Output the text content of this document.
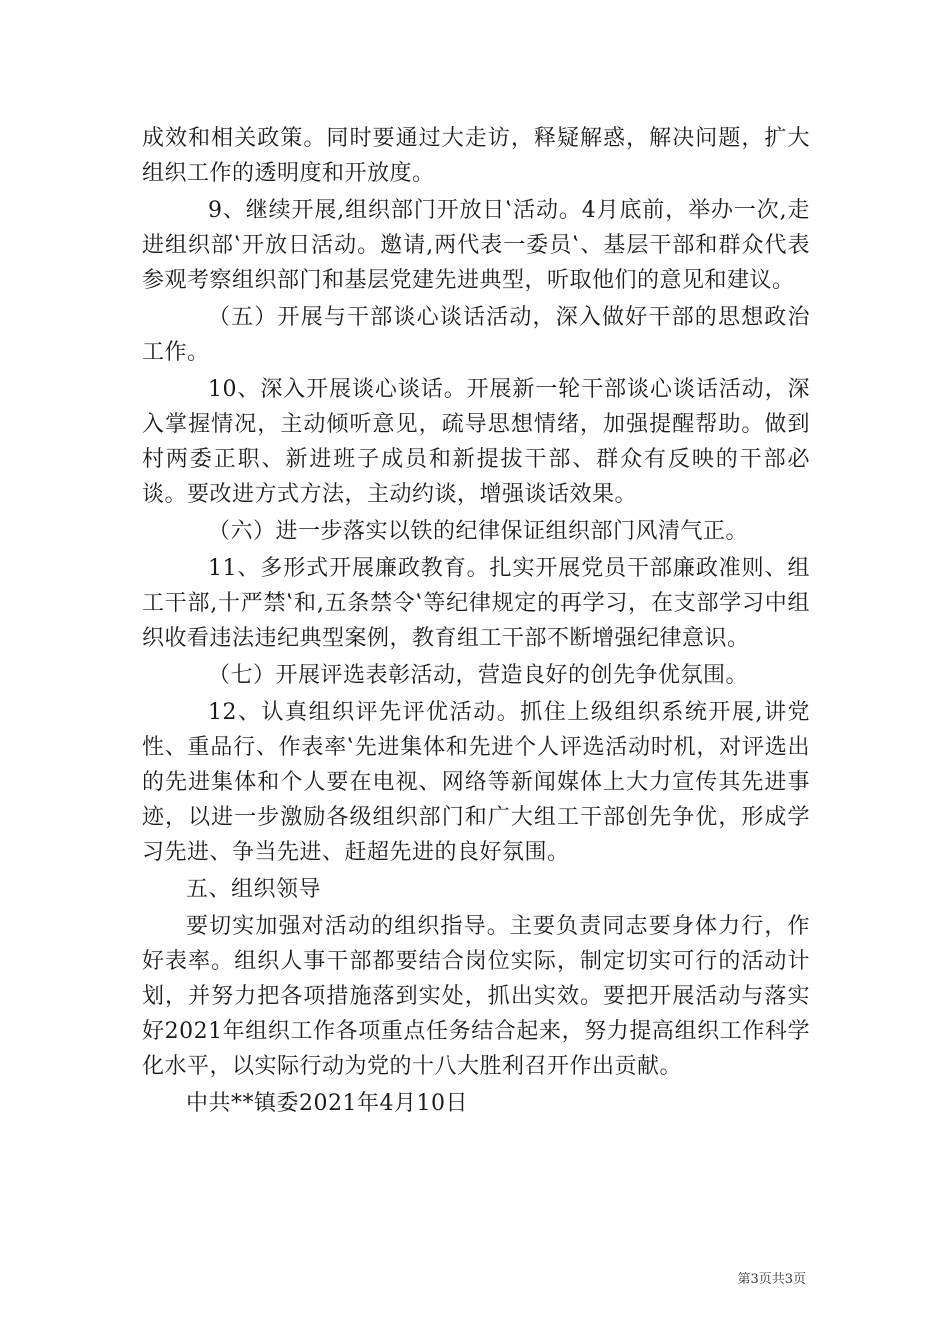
成效和相关政策。同时要通过大走访，释疑解惑，解决问题，扩大组织工作的透明度和开放度。

9、继续开展,组织部门开放日‛活动。4月底前，举办一次,走进组织部‛开放日活动。邀请,两代表一委员‛、基层干部和群众代表参观考察组织部门和基层党建先进典型，听取他们的意见和建议。

（五）开展与干部谈心谈话活动，深入做好干部的思想政治工作。

10、深入开展谈心谈话。开展新一轮干部谈心谈话活动，深入掌握情况，主动倾听意见，疏导思想情绪，加强提醒帮助。做到村两委正职、新进班子成员和新提拔干部、群众有反映的干部必谈。要改进方式方法，主动约谈，增强谈话效果。

（六）进一步落实以铁的纪律保证组织部门风清气正。

11、多形式开展廉政教育。扎实开展党员干部廉政准则、组工干部,十严禁‛和,五条禁令‛等纪律规定的再学习，在支部学习中组织收看违法违纪典型案例，教育组工干部不断增强纪律意识。

（七）开展评选表彰活动，营造良好的创先争优氛围。

12、认真组织评先评优活动。抓住上级组织系统开展,讲党性、重品行、作表率‛先进集体和先进个人评选活动时机，对评选出的先进集体和个人要在电视、网络等新闻媒体上大力宣传其先进事迹，以进一步激励各级组织部门和广大组工干部创先争优，形成学习先进、争当先进、赶超先进的良好氛围。

五、组织领导

要切实加强对活动的组织指导。主要负责同志要身体力行，作好表率。组织人事干部都要结合岗位实际，制定切实可行的活动计划，并努力把各项措施落到实处，抓出实效。要把开展活动与落实好2021年组织工作各项重点任务结合起来，努力提高组织工作科学化水平，以实际行动为党的十八大胜利召开作出贡献。

中共**镇委2021年4月10日

第3页共3页
